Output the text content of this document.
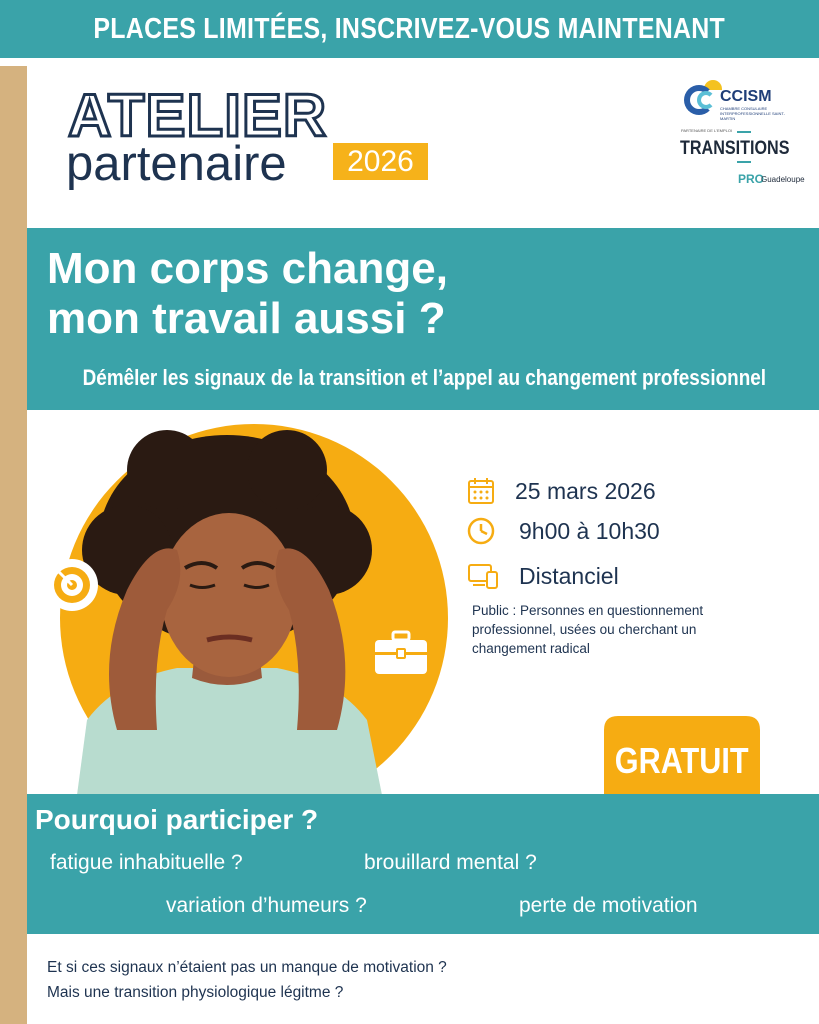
PLACES LIMITÉES, INSCRIVEZ-VOUS MAINTENANT
ATELIER
partenaire	2026
CCISM
CHAMBRE CONSULAIRE INTERPROFESSIONNELLE SAINT-MARTIN
PARTENAIRE DE L'EMPLOI
TRANSITIONS
PRO
Guadeloupe
Mon corps change,
mon travail aussi ?
Démêler les signaux de la transition et l’appel au changement professionnel
25 mars 2026
9h00 à 10h30
Distanciel
Public : Personnes en questionnement professionnel, usées ou cherchant un changement radical
GRATUIT
Pourquoi participer ?
fatigue inhabituelle ?	brouillard mental ?
variation d’humeurs ?	perte de motivation
Et si ces signaux n’étaient pas un manque de motivation ?
Mais une transition physiologique légitme ?
